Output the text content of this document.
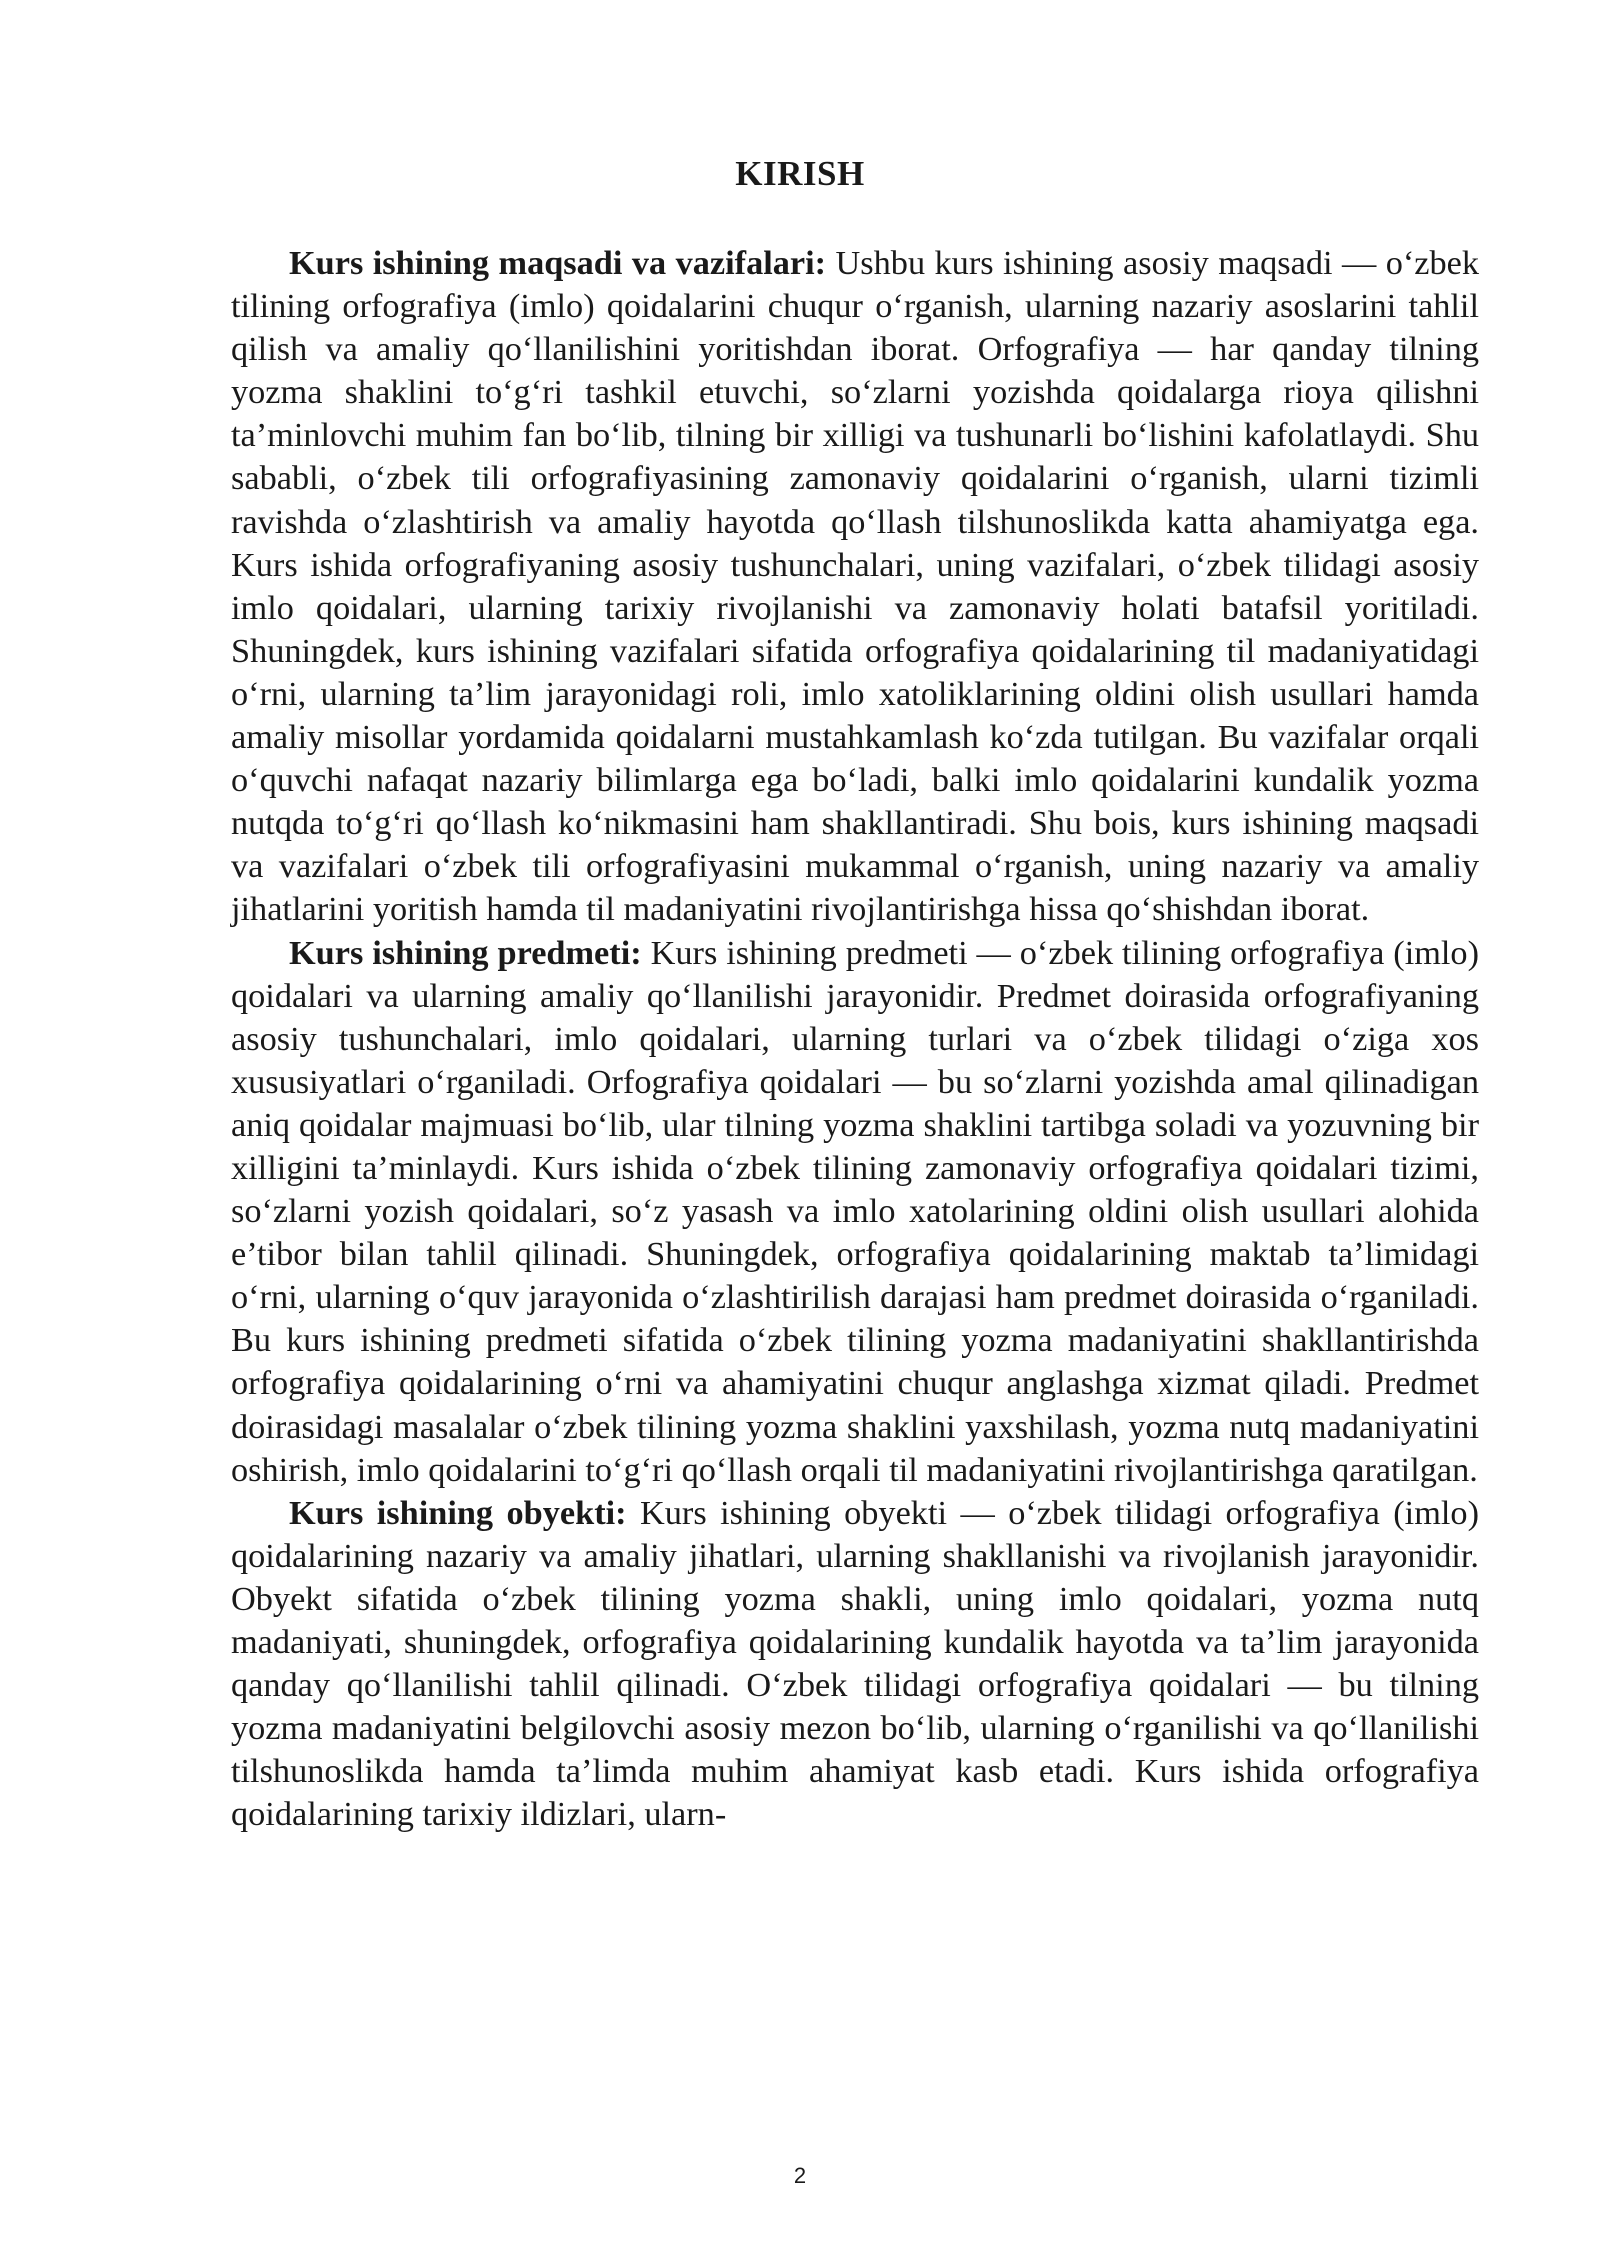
KIRISH

Kurs ishining maqsadi va vazifalari: Ushbu kurs ishining asosiy maqsadi — o‘zbek tilining orfografiya (imlo) qoidalarini chuqur o‘rganish, ularning nazariy asoslarini tahlil qilish va amaliy qo‘llanilishini yoritishdan iborat. Orfografiya — har qanday tilning yozma shaklini to‘g‘ri tashkil etuvchi, so‘zlarni yozishda qoidalarga rioya qilishni ta’minlovchi muhim fan bo‘lib, tilning bir xilligi va tushunarli bo‘lishini kafolatlaydi. Shu sababli, o‘zbek tili orfografiyasining zamonaviy qoidalarini o‘rganish, ularni tizimli ravishda o‘zlashtirish va amaliy hayotda qo‘llash tilshunoslikda katta ahamiyatga ega. Kurs ishida orfografiyaning asosiy tushunchalari, uning vazifalari, o‘zbek tilidagi asosiy imlo qoidalari, ularning tarixiy rivojlanishi va zamonaviy holati batafsil yoritiladi. Shuningdek, kurs ishining vazifalari sifatida orfografiya qoidalarining til madaniyatidagi o‘rni, ularning ta’lim jarayonidagi roli, imlo xatoliklarining oldini olish usullari hamda amaliy misollar yordamida qoidalarni mustahkamlash ko‘zda tutilgan. Bu vazifalar orqali o‘quvchi nafaqat nazariy bilimlarga ega bo‘ladi, balki imlo qoidalarini kundalik yozma nutqda to‘g‘ri qo‘llash ko‘nikmasini ham shakllantiradi. Shu bois, kurs ishining maqsadi va vazifalari o‘zbek tili orfografiyasini mukammal o‘rganish, uning nazariy va amaliy jihatlarini yoritish hamda til madaniyatini rivojlantirishga hissa qo‘shishdan iborat.

Kurs ishining predmeti: Kurs ishining predmeti — o‘zbek tilining orfografiya (imlo) qoidalari va ularning amaliy qo‘llanilishi jarayonidir. Predmet doirasida orfografiyaning asosiy tushunchalari, imlo qoidalari, ularning turlari va o‘zbek tilidagi o‘ziga xos xususiyatlari o‘rganiladi. Orfografiya qoidalari — bu so‘zlarni yozishda amal qilinadigan aniq qoidalar majmuasi bo‘lib, ular tilning yozma shaklini tartibga soladi va yozuvning bir xilligini ta’minlaydi. Kurs ishida o‘zbek tilining zamonaviy orfografiya qoidalari tizimi, so‘zlarni yozish qoidalari, so‘z yasash va imlo xatolarining oldini olish usullari alohida e’tibor bilan tahlil qilinadi. Shuningdek, orfografiya qoidalarining maktab ta’limidagi o‘rni, ularning o‘quv jarayonida o‘zlashtirilish darajasi ham predmet doirasida o‘rganiladi. Bu kurs ishining predmeti sifatida o‘zbek tilining yozma madaniyatini shakllantirishda orfografiya qoidalarining o‘rni va ahamiyatini chuqur anglashga xizmat qiladi. Predmet doirasidagi masalalar o‘zbek tilining yozma shaklini yaxshilash, yozma nutq madaniyatini oshirish, imlo qoidalarini to‘g‘ri qo‘llash orqali til madaniyatini rivojlantirishga qaratilgan.

Kurs ishining obyekti: Kurs ishining obyekti — o‘zbek tilidagi orfografiya (imlo) qoidalarining nazariy va amaliy jihatlari, ularning shakllanishi va rivojlanish jarayonidir. Obyekt sifatida o‘zbek tilining yozma shakli, uning imlo qoidalari, yozma nutq madaniyati, shuningdek, orfografiya qoidalarining kundalik hayotda va ta’lim jarayonida qanday qo‘llanilishi tahlil qilinadi. O‘zbek tilidagi orfografiya qoidalari — bu tilning yozma madaniyatini belgilovchi asosiy mezon bo‘lib, ularning o‘rganilishi va qo‘llanilishi tilshunoslikda hamda ta’limda muhim ahamiyat kasb etadi. Kurs ishida orfografiya qoidalarining tarixiy ildizlari, ularn-

2
